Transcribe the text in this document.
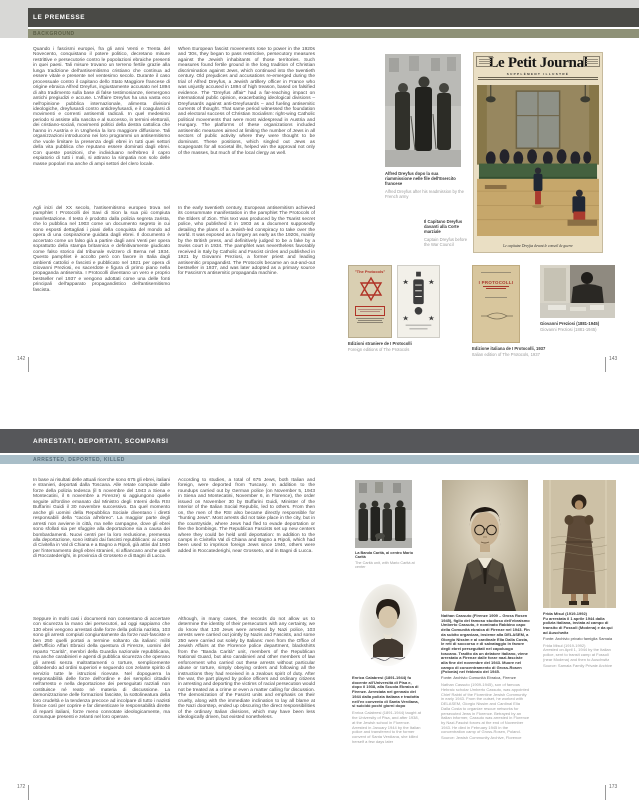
LE PREMESSE
BACKGROUND
Quando i fascismi europei, fra gli anni Venti e Trenta del Novecento, conquistano il potere politico, decretano misure restrittive e persecutorie contro le popolazioni ebraiche presenti in quei paesi. Tali misure trovano un terreno fertile grazie alla lunga tradizione dell'antisemitismo cristiano che continua ad essere vitale e presente nel ventesimo secolo. Durante il caso processuale contro il capitano dello Stato Maggiore francese di origine ebraica Alfred Dreyfus, ingiustamente accusato nel 1894 di alto tradimento sulla base di false testimonianze, riemergono antichi pregiudizi e accuse. L'Affaire Dreyfus ha una vasta eco nell'opinione pubblica internazionale, alimenta divisioni ideologiche, dreyfusardi contro antidreyfusardi, e il coagularsi di movimenti e correnti antisemiti radicali. In quel medesimo periodo si assiste alla nascita e al successo, in termini elettorali, dei cristiano-sociali, movimenti politici della destra cattolica che hanno in Austria e in Ungheria la loro maggiore diffusione. Tali organizzazioni introducono nei loro programmi un antisemitismo che vuole limitare la presenza degli ebrei in tutti quei settori della vita pubblica che reputano essere dominati dagli ebrei. Con queste posizioni, che individuano nell'ebreo il capro espiatorio di tutti i mali, si attirano la simpatia non solo delle masse popolari ma anche di ampi settori del clero locale.
Agli inizi del XX secolo, l'antisemitismo europeo trova nel pamphlet I Protocolli dei Savi di Sion la sua più compiuta manifestazione. Il testo è prodotto dalla polizia segreta zarista, che lo pubblica nel 1903 come un documento segreto in cui sono esposti dettagliati i piani della conquista del mondo ad opera di una cospirazione guidata dagli ebrei. Il documento è accertato come un falso già a partire dagli anni Venti per opera soprattutto della stampa britannica e definitivamente giudicato come falso storico dal tribunale svizzero di Berna nel 1934. Questo pamphlet è accolto però con favore in Italia dagli ambienti cattolici e fascisti e pubblicato nel 1921 per opera di Giovanni Preziosi, ex sacerdote e figura di primo piano nella propaganda antisemita. I Protocolli diventano un vero e proprio bestseller nel 1937 e vengono adottati come una delle fonti principali dell'apparato propagandistico dell'antisemitismo fascista.
When European fascist movements rose to power in the 1920s and '30s, they began to pass restrictive, persecutory measures against the Jewish inhabitants of those territories. Such measures found fertile ground in the long tradition of Christian discrimination against Jews, which continued into the twentieth century. Old prejudices and accusations re-emerged during the trial of Alfred Dreyfus, a Jewish artillery officer in France who was unjustly accused in 1894 of high treason, based on falsified evidence. The "Dreyfus affair" had a far-reaching impact on international public opinion, exacerbating ideological divisions – Dreyfusards against anti-Dreyfusards – and fueling antisemitic currents of thought. That same period witnessed the foundation and electoral success of Christian Socialism: right-wing Catholic political movements that were most widespread in Austria and Hungary. The platforms of these organizations included antisemitic measures aimed at limiting the number of Jews in all sectors of public activity where they were thought to be dominant. These positions, which singled out Jews as scapegoats for all societal ills, helped win the approval not only of the masses, but much of the local clergy as well.
In the early twentieth century, European antisemitism achieved its consummate manifestation in the pamphlet The Protocols of the Elders of Zion. This text was produced by the Tsarist secret police, who published it in 1903 as a document supposedly detailing the plans of a Jewish-led conspiracy to take over the world. It was exposed as a forgery as early as the 1920s, mainly by the British press, and definitively judged to be a fake by a Swiss court in 1934. The pamphlet was nevertheless favorably received in Italy by Catholic and Fascist circles and published in 1921 by Giovanni Preziosi, a former priest and leading antisemitic propagandist. The Protocols became an out-and-out bestseller in 1937, and was later adopted as a primary source for Fascism's antisemitic propaganda machine.
Alfred Dreyfus dopo la sua riammissione nelle file dell'Esercito francese
Alfred Dreyfus after his readmission by the French army
Le Petit Journal
SUPPLÉMENT ILLUSTRÉ
Le capitaine Dreyfus devant le conseil de guerre
Il Capitano Dreyfus davanti alla Corte marziale
Captain Dreyfus before the War Council
"The Protocols"
Edizioni straniere de I Protocolli
Foreign editions of The Protocols
I PROTOCOLLI
Edizione italiana de I Protocolli, 1937
Italian edition of The Protocols, 1937
Giovanni Preziosi (1881-1945)
Giovanni Preziosi (1881-1945)
142	143
ARRESTATI, DEPORTATI, SCOMPARSI
ARRESTED, DEPORTED, KILLED
In base ai risultati delle attuali ricerche sono 675 gli ebrei, italiani e stranieri, deportati dalla Toscana. Alle retate compiute dalle forze della polizia tedesca (il 5 novembre del 1943 a Siena e Montecatini, il 6 novembre a Firenze) si aggiungono quelle seguite all'ordine emanato dal Ministro degli Interni della RSI Buffarini Guidi il 30 novembre successivo. Da quel momento anche gli uomini della Repubblica Sociale diventano i diretti responsabili della "caccia all'ebreo". La maggior parte degli arresti non avviene in città, ma nelle campagne, dove gli ebrei sono sfollati sia per sfuggire alla deportazione sia a causa dei bombardamenti. Nuovi centri per la loro reclusione, premessa alla deportazione, sono istituiti dai fascisti repubblicani: ai campi di Civitella in Val di Chiana e a Bagno a Ripoli, già attivi dal 1940 per l'internamento degli ebrei stranieri, si affiancano anche quelli di Roccatederighi, in provincia di Grosseto e di Bagni di Lucca.
Seppure in molti casi i documenti non consentano di accertare con sicurezza la mano dei persecutori, ad oggi sappiamo che 130 ebrei vengono arrestati dalle forze della polizia nazista, 103 sono gli arresti compiuti congiuntamente da forze nazi-fasciste e ben 250 quelli portati a termine soltanto da italiani: militi dell'Ufficio Affari Ebraici della questura di Firenze, uomini del reparto "Carità", membri della Guardia nazionale repubblicana, ma anche carabinieri e agenti di pubblica sicurezza che operano gli arresti senza maltrattamenti o torture, semplicemente obbedendo ad ordini superiori e seguendo con zelante spirito di servizio tutte le istruzioni ricevute. Nel dopoguerra la responsabilità delle forze dell'ordine e dei semplici cittadini nell'arresto e nella deportazione dei perseguitati razziali non costituisce né reato né materia di discussione. La demonizzazione delle formazioni fasciste, la sottolineatura della loro crudeltà e la tendenza precoce ad incolpare di tutto i nazisti finisce così per coprire e far dimenticare le responsabilità dirette di reparti italiani, forze meno connotate ideologicamente, ma comunque presenti e zelanti nel loro operare.
According to studies, a total of 675 Jews, both Italian and foreign, were deported from Tuscany. In addition to the roundups carried out by German police (on November 5, 1943 in Siena and Montecatini, November 6, in Florence), the order issued on November 30 by Buffarini Guidi, Minister of the Interior of the Italian Social Republic, led to others. From then on, the men of the RSI also became directly responsible for "hunting Jews". Most arrests did not take place in the city, but in the countryside, where Jews had fled to evade deportation or flee the bombings. The Republican Fascists set up new centers where they could be held until deportation: In addition to the camps in Civitella Val di Chiana and Bagno a Ripoli, which had been used to imprison foreign Jews since 1940, others were added in Roccatederighi, near Grosseto, and in Bagni di Lucca.
Although, in many cases, the records do not allow us to determine the identity of their persecutors with any certainty, we do know that 130 Jews were arrested by Nazi police, 103 arrests were carried out jointly by Nazis and Fascists, and some 250 were carried out solely by Italians: men from the Office of Jewish Affairs at the Florence police department, blackshirts from the "Banda Carità" unit, members of the Republican National Guard, but also carabinieri and other members of law enforcement who carried out these arrests without particular abuse or torture, simply obeying orders and following all the instructions they had received in a zealous spirit of duty. After the war, the part played by police officers and ordinary citizens in arresting and deporting the victims of racial persecution would not be treated as a crime or even a matter calling for discussion. The demonization of the Fascist units and emphasis on their cruelty, along with the immediate inclination to lay all blame at the Nazi doorstep, ended up obscuring the direct responsibilities of the ordinary Italian divisions, which may have been less ideologically driven, but existed nonetheless.
La Banda Carità, al centro Mario Carità
The Carità unit, with Mario Carità at center
Enrica Calabresi (1891-1944) fu docente all'Università di Pisa e, dopo il 1938, alla Scuola Ebraica di Firenze. Arrestata nel gennaio del 1944 dalla polizia italiana e tradotta nell'ex convento di Santa Verdiana, si suicidò pochi giorni dopo
Enrica Calabresi (1891-1944) taught at the University of Pisa, and after 1938, at the Jewish school in Florence. Arrested in January 1944 by the Italian police and transferred to the former convent of Santa Verdiana, she killed herself a few days later
Nathan Cassuto (Firenze 1909 – Gross Rosen 1945), figlio del famoso studioso dell'ebraismo Umberto Cassuto, è nominato Rabbino capo della Comunità ebraica di Firenze nel 1943. Fin da subito organizza, insieme alla DELASEM, a Giorgio Nissim e al cardinale Elia Dalla Costa, le reti di soccorso e di salvataggio in favore degli ebrei perseguitati nel capoluogo toscano. Tradito da un delatore italiano, viene arrestato a Firenze dalle forze nazi-fasciste alla fine del novembre del 1943. Muore nel campo di concentramento di Gross-Rosen (Polonia) nel febbraio del 1945.
Fonte: Archivio Comunità Ebraica, Firenze
Nathan Cassuto (1909-1945), son of famous Hebraic scholar Umberto Cassuto, was appointed Chief Rabbi of the Florentine Jewish Community in early 1943. From the outset, he worked with DELASEM, Giorgio Nissim and Cardinal Elia Dalla Costa to organize rescue networks for persecuted Jews in Florence. Betrayed by an Italian informer, Cassuto was arrested in Florence by Nazi-Fascist forces at the end of November 1943. He died in February 1945 in the concentration camp of Gross-Rosen, Poland.
Source: Jewish Community Archive, Florence
Frida Misul (1919-1992)
Fu arrestata il 1 aprile 1944 dalla polizia italiana, inviata al campo di transito di Fossoli (Modena) e da qui ad Auschwitz
Fonte: Archivio privato famiglia Samaia
Frida Misul (1919-1992)
Arrested on April 1, 1944 by the Italian police, sent to transit camp at Fossoli (near Modena) and then to Auschwitz
Source: Samaia Family Private Archive
172	173
